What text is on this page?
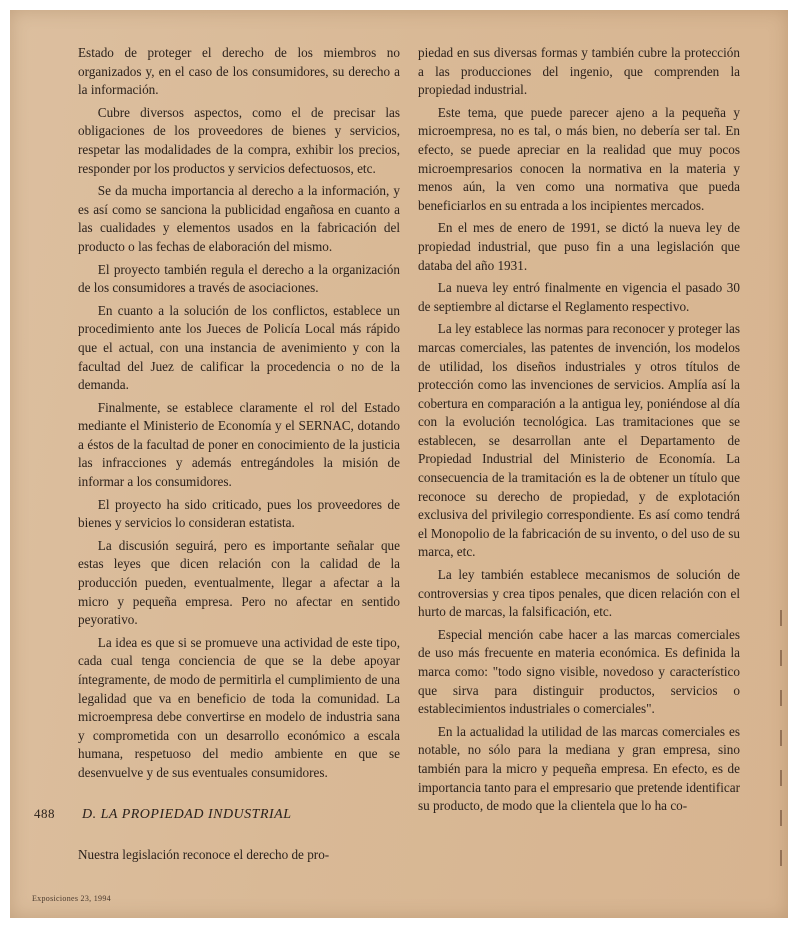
Estado de proteger el derecho de los miembros no organizados y, en el caso de los consumidores, su derecho a la información.

Cubre diversos aspectos, como el de precisar las obligaciones de los proveedores de bienes y servicios, respetar las modalidades de la compra, exhibir los precios, responder por los productos y servicios defectuosos, etc.

Se da mucha importancia al derecho a la información, y es así como se sanciona la publicidad engañosa en cuanto a las cualidades y elementos usados en la fabricación del producto o las fechas de elaboración del mismo.

El proyecto también regula el derecho a la organización de los consumidores a través de asociaciones.

En cuanto a la solución de los conflictos, establece un procedimiento ante los Jueces de Policía Local más rápido que el actual, con una instancia de avenimiento y con la facultad del Juez de calificar la procedencia o no de la demanda.

Finalmente, se establece claramente el rol del Estado mediante el Ministerio de Economía y el SERNAC, dotando a éstos de la facultad de poner en conocimiento de la justicia las infracciones y además entregándoles la misión de informar a los consumidores.

El proyecto ha sido criticado, pues los proveedores de bienes y servicios lo consideran estatista.

La discusión seguirá, pero es importante señalar que estas leyes que dicen relación con la calidad de la producción pueden, eventualmente, llegar a afectar a la micro y pequeña empresa. Pero no afectar en sentido peyorativo.

La idea es que si se promueve una actividad de este tipo, cada cual tenga conciencia de que se la debe apoyar íntegramente, de modo de permitirla el cumplimiento de una legalidad que va en beneficio de toda la comunidad. La microempresa debe convertirse en modelo de industria sana y comprometida con un desarrollo económico a escala humana, respetuoso del medio ambiente en que se desenvuelve y de sus eventuales consumidores.

488 D. LA PROPIEDAD INDUSTRIAL
Nuestra legislación reconoce el derecho de pro-
Exposiciones 23, 1994

piedad en sus diversas formas y también cubre la protección a las producciones del ingenio, que comprenden la propiedad industrial.

Este tema, que puede parecer ajeno a la pequeña y microempresa, no es tal, o más bien, no debería ser tal. En efecto, se puede apreciar en la realidad que muy pocos microempresarios conocen la normativa en la materia y menos aún, la ven como una normativa que pueda beneficiarlos en su entrada a los incipientes mercados.

En el mes de enero de 1991, se dictó la nueva ley de propiedad industrial, que puso fin a una legislación que databa del año 1931.

La nueva ley entró finalmente en vigencia el pasado 30 de septiembre al dictarse el Reglamento respectivo.

La ley establece las normas para reconocer y proteger las marcas comerciales, las patentes de invención, los modelos de utilidad, los diseños industriales y otros títulos de protección como las invenciones de servicios. Amplía así la cobertura en comparación a la antigua ley, poniéndose al día con la evolución tecnológica. Las tramitaciones que se establecen, se desarrollan ante el Departamento de Propiedad Industrial del Ministerio de Economía. La consecuencia de la tramitación es la de obtener un título que reconoce su derecho de propiedad, y de explotación exclusiva del privilegio correspondiente. Es así como tendrá el Monopolio de la fabricación de su invento, o del uso de su marca, etc.

La ley también establece mecanismos de solución de controversias y crea tipos penales, que dicen relación con el hurto de marcas, la falsificación, etc.

Especial mención cabe hacer a las marcas comerciales de uso más frecuente en materia económica. Es definida la marca como: "todo signo visible, novedoso y característico que sirva para distinguir productos, servicios o establecimientos industriales o comerciales".

En la actualidad la utilidad de las marcas comerciales es notable, no sólo para la mediana y gran empresa, sino también para la micro y pequeña empresa. En efecto, es de importancia tanto para el empresario que pretende identificar su producto, de modo que la clientela que lo ha co-
